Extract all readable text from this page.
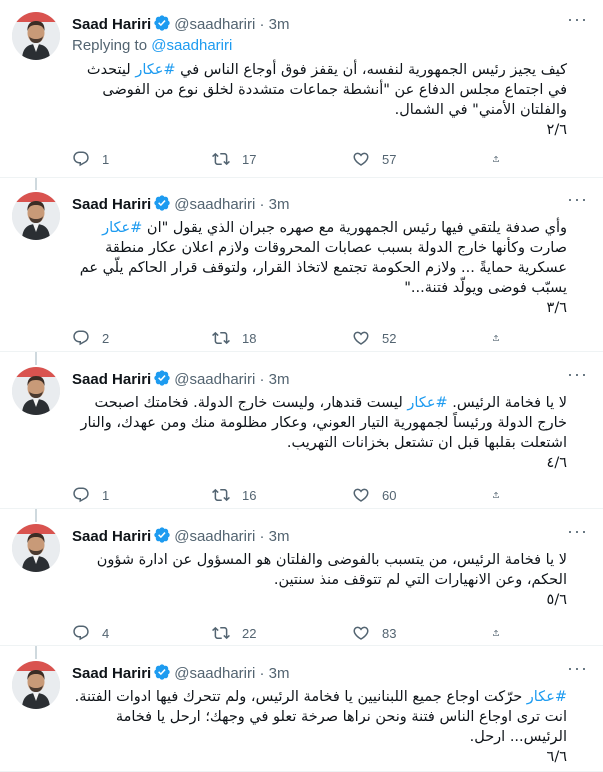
Saad Hariri @saadhariri · 3m	···
Replying to @saadhariri
كيف يجيز رئيس الجمهورية لنفسه، أن يقفز فوق أوجاع الناس في #عكار ليتحدث
في اجتماع مجلس الدفاع عن "أنشطة جماعات متشددة لخلق نوع من الفوضى
والفلتان الأمني" في الشمال.
٢/٦
1	17	57
Saad Hariri @saadhariri · 3m	···
وأي صدفة يلتقي فيها رئيس الجمهورية مع صهره جبران الذي يقول "ان #عكار
صارت وكأنها خارج الدولة بسبب عصابات المحروقات ولازم اعلان عكار منطقة
عسكرية حمايةً ... ولازم الحكومة تجتمع لاتخاذ القرار، ولتوقف قرار الحاكم يلّي عم
يسبّب فوضى ويولّد فتنة..."
٣/٦
2	18	52
Saad Hariri @saadhariri · 3m	···
لا يا فخامة الرئيس. #عكار ليست قندهار، وليست خارج الدولة. فخامتك اصبحت
خارج الدولة ورئيساً لجمهورية التيار العوني، وعكار مظلومة منك ومن عهدك، والنار
اشتعلت بقلبها قبل ان تشتعل بخزانات التهريب.
٤/٦
1	16	60
Saad Hariri @saadhariri · 3m	···
لا يا فخامة الرئيس، من يتسبب بالفوضى والفلتان هو المسؤول عن ادارة شؤون
الحكم، وعن الانهيارات التي لم تتوقف منذ سنتين.
٥/٦
4	22	83
Saad Hariri @saadhariri · 3m	···
#عكار حرّكت اوجاع جميع اللبنانيين يا فخامة الرئيس، ولم تتحرك فيها ادوات الفتنة.
انت ترى اوجاع الناس فتنة ونحن نراها صرخة تعلو في وجهك؛ ارحل يا فخامة
الرئيس... ارحل.
٦/٦
